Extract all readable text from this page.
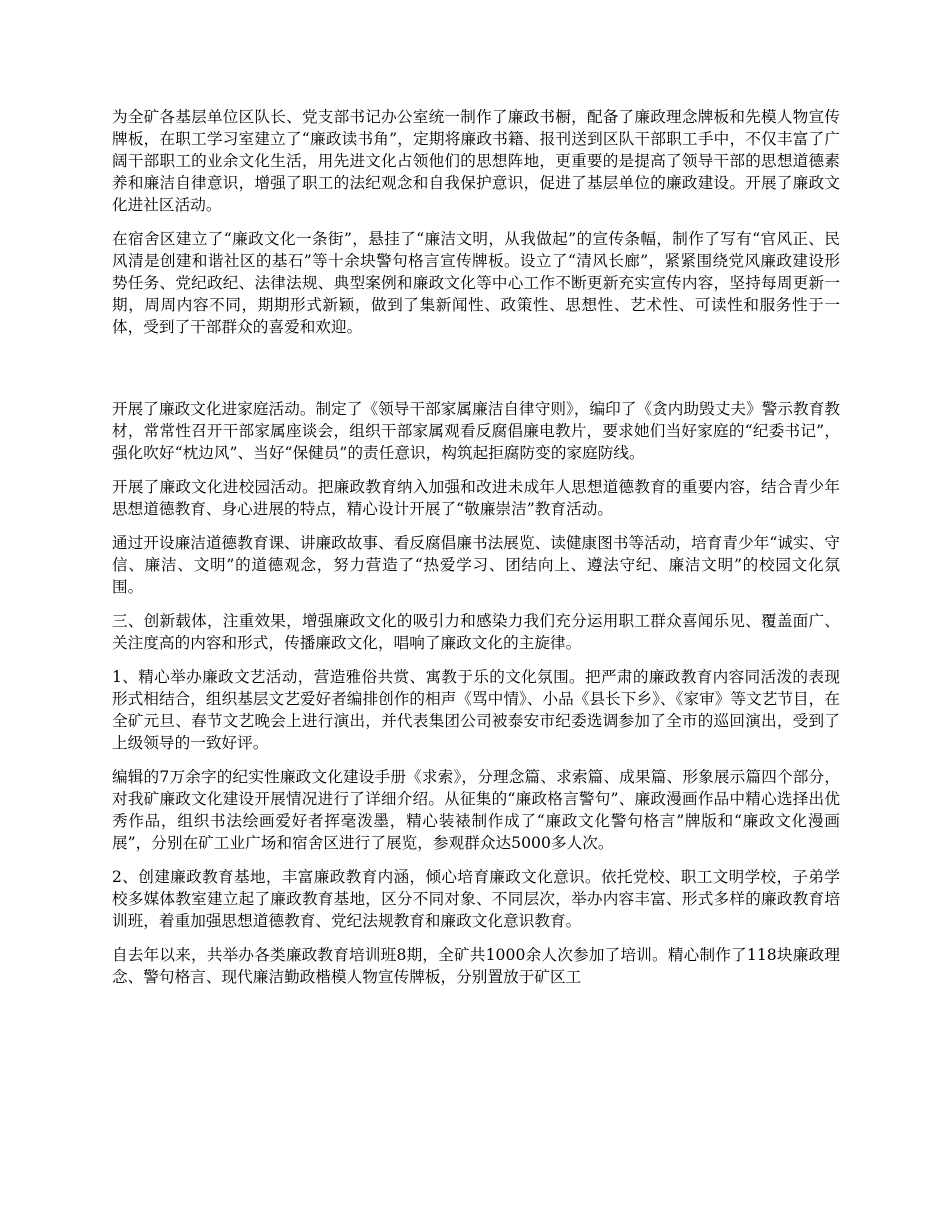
为全矿各基层单位区队长、党支部书记办公室统一制作了廉政书橱，配备了廉政理念牌板和先模人物宣传牌板，在职工学习室建立了“廉政读书角”，定期将廉政书籍、报刊送到区队干部职工手中，不仅丰富了广阔干部职工的业余文化生活，用先进文化占领他们的思想阵地，更重要的是提高了领导干部的思想道德素养和廉洁自律意识，增强了职工的法纪观念和自我保护意识，促进了基层单位的廉政建设。开展了廉政文化进社区活动。

在宿舍区建立了“廉政文化一条街”，悬挂了“廉洁文明，从我做起”的宣传条幅，制作了写有“官风正、民风清是创建和谐社区的基石”等十余块警句格言宣传牌板。设立了“清风长廊”，紧紧围绕党风廉政建设形势任务、党纪政纪、法律法规、典型案例和廉政文化等中心工作不断更新充实宣传内容，坚持每周更新一期，周周内容不同，期期形式新颖，做到了集新闻性、政策性、思想性、艺术性、可读性和服务性于一体，受到了干部群众的喜爱和欢迎。

开展了廉政文化进家庭活动。制定了《领导干部家属廉洁自律守则》，编印了《贪内助毁丈夫》警示教育教材，常常性召开干部家属座谈会，组织干部家属观看反腐倡廉电教片，要求她们当好家庭的“纪委书记”，强化吹好“枕边风”、当好“保健员”的责任意识，构筑起拒腐防变的家庭防线。

开展了廉政文化进校园活动。把廉政教育纳入加强和改进未成年人思想道德教育的重要内容，结合青少年思想道德教育、身心进展的特点，精心设计开展了“敬廉崇洁”教育活动。

通过开设廉洁道德教育课、讲廉政故事、看反腐倡廉书法展览、读健康图书等活动，培育青少年“诚实、守信、廉洁、文明”的道德观念，努力营造了“热爱学习、团结向上、遵法守纪、廉洁文明”的校园文化氛围。

三、创新载体，注重效果，增强廉政文化的吸引力和感染力我们充分运用职工群众喜闻乐见、覆盖面广、关注度高的内容和形式，传播廉政文化，唱响了廉政文化的主旋律。

1、精心举办廉政文艺活动，营造雅俗共赏、寓教于乐的文化氛围。把严肃的廉政教育内容同活泼的表现形式相结合，组织基层文艺爱好者编排创作的相声《骂中情》、小品《县长下乡》、《家审》等文艺节目，在全矿元旦、春节文艺晚会上进行演出，并代表集团公司被泰安市纪委选调参加了全市的巡回演出，受到了上级领导的一致好评。

编辑的7万余字的纪实性廉政文化建设手册《求索》，分理念篇、求索篇、成果篇、形象展示篇四个部分，对我矿廉政文化建设开展情况进行了详细介绍。从征集的“廉政格言警句”、廉政漫画作品中精心选择出优秀作品，组织书法绘画爱好者挥毫泼墨，精心装裱制作成了“廉政文化警句格言”牌版和“廉政文化漫画展”，分别在矿工业广场和宿舍区进行了展览，参观群众达5000多人次。

2、创建廉政教育基地，丰富廉政教育内涵，倾心培育廉政文化意识。依托党校、职工文明学校，子弟学校多媒体教室建立起了廉政教育基地，区分不同对象、不同层次，举办内容丰富、形式多样的廉政教育培训班，着重加强思想道德教育、党纪法规教育和廉政文化意识教育。

自去年以来，共举办各类廉政教育培训班8期，全矿共1000余人次参加了培训。精心制作了118块廉政理念、警句格言、现代廉洁勤政楷模人物宣传牌板，分别置放于矿区工
